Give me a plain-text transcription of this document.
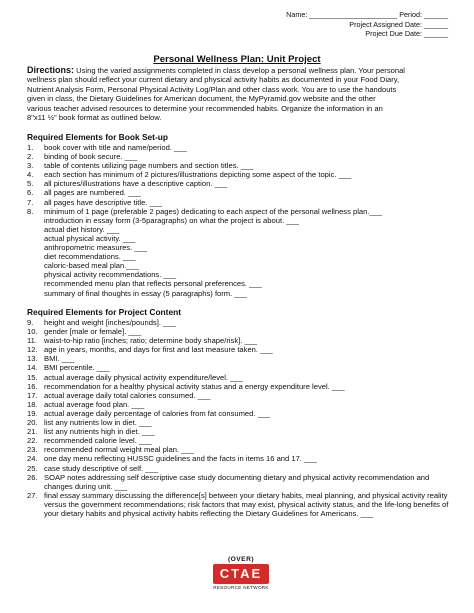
Name: ______________________ Period: ______
Project Assigned Date: ______
Project Due Date: ______
Personal Wellness Plan: Unit Project
Directions: Using the varied assignments completed in class develop a personal wellness plan. Your personal
wellness plan should reflect your current dietary and physical activity habits as documented in your Food Diary,
Nutrient Analysis Form, Personal Physical Activity Log/Plan and other class work. You are to use the handouts
given in class, the Dietary Guidelines for American document, the MyPyramid.gov website and the other
various teacher advised resources to determine your recommended habits. Organize the information in an
8"x11 ½" book format as outlined below.
Required Elements for Book Set-up
1.	book cover with title and name/period. ___
2.	binding of book secure. ___
3.	table of contents utilizing page numbers and section titles. ___
4.	each section has minimum of 2 pictures/illustrations depicting some aspect of the topic. ___
5.	all pictures/illustrations have a descriptive caption. ___
6.	all pages are numbered. ___
7.	all pages have descriptive title. ___
8.	minimum of 1 page (preferable 2 pages) dedicating to each aspect of the personal wellness plan.___
introduction in essay form (3-5paragraphs) on what the project is about. ___
actual diet history. ___
actual physical activity. ___
anthropometric measures. ___
diet recommendations. ___
caloric-based meal plan.___
physical activity recommendations. ___
recommended menu plan that reflects personal preferences. ___
summary of final thoughts in essay (5 paragraphs) form. ___
Required Elements for Project Content
9.	height and weight [inches/pounds]. ___
10. gender [male or female]. ___
11. waist-to-hip ratio [inches; ratio; determine body shape/risk]. ___
12. age in years, months, and days for first and last measure taken. ___
13. BMI. ___
14. BMI percentile. ___
15. actual average daily physical activity expenditure/level. ___
16. recommendation for a healthy physical activity status and a energy expenditure level. ___
17. actual average daily total calories consumed. ___
18. actual average food plan. ___
19. actual average daily percentage of calories from fat consumed. ___
20. list any nutrients low in diet. ___
21. list any nutrients high in diet. ___
22. recommended calorie level. ___
23. recommended normal weight meal plan. ___
24. one day menu reflecting HUSSC guidelines and the facts in items 16 and 17. ___
25. case study descriptive of self. ___
26. SOAP notes addressing self descriptive case study documenting dietary and physical activity recommendation and changes during unit. ___
27. final essay summary discussing the difference[s] between your dietary habits, meal planning, and physical activity reality versus the government recommendations; risk factors that may exist, physical activity status, and the life-long benefits of your dietary habits and physical activity habits reflecting the Dietary Guidelines for Americans. ___
(OVER)
CTAE
RESOURCE NETWORK
